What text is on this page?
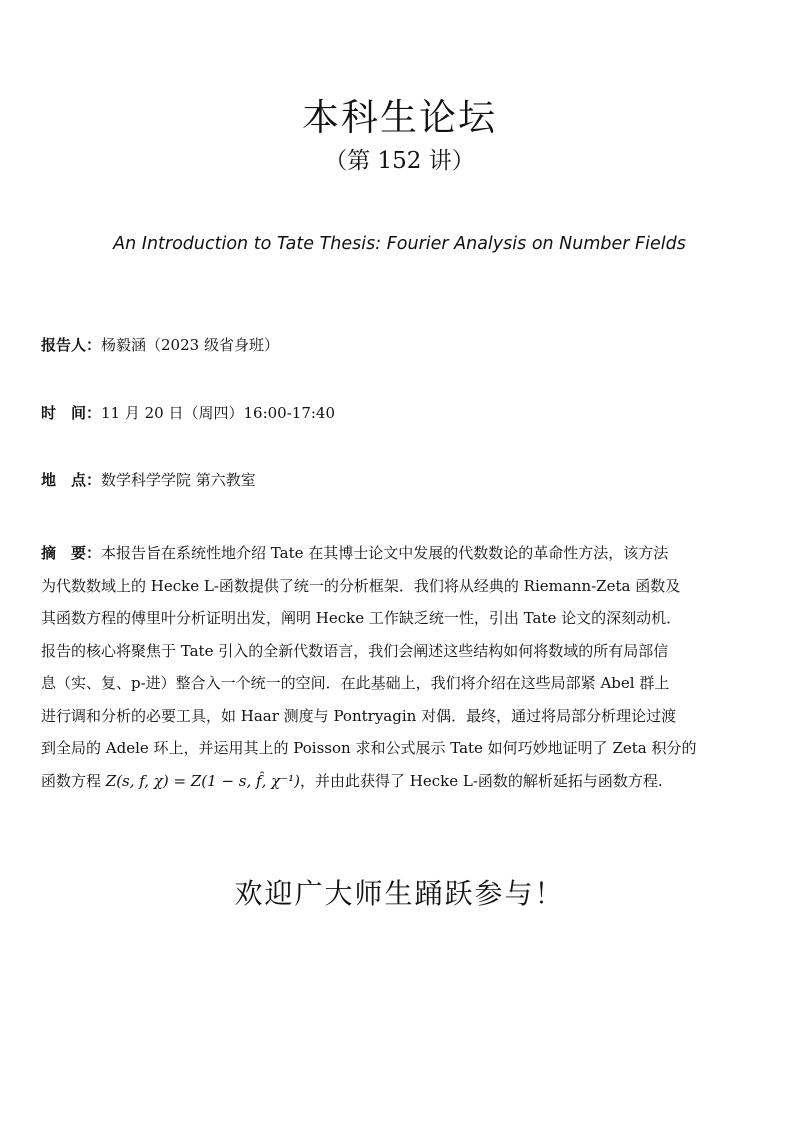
本科生论坛
（第 152 讲）
An Introduction to Tate Thesis: Fourier Analysis on Number Fields
报告人：杨毅涵（2023 级省身班）
时　间：11 月 20 日（周四）16:00-17:40
地　点：数学科学学院 第六教室
摘　要：本报告旨在系统性地介绍 Tate 在其博士论文中发展的代数数论的革命性方法，该方法
为代数数域上的 Hecke L-函数提供了统一的分析框架．我们将从经典的 Riemann-Zeta 函数及
其函数方程的傅里叶分析证明出发，阐明 Hecke 工作缺乏统一性，引出 Tate 论文的深刻动机．
报告的核心将聚焦于 Tate 引入的全新代数语言，我们会阐述这些结构如何将数域的所有局部信
息（实、复、p-进）整合入一个统一的空间．在此基础上，我们将介绍在这些局部紧 Abel 群上
进行调和分析的必要工具，如 Haar 测度与 Pontryagin 对偶．最终，通过将局部分析理论过渡
到全局的 Adele 环上，并运用其上的 Poisson 求和公式展示 Tate 如何巧妙地证明了 Zeta 积分的
函数方程 Z(s, f, χ) = Z(1 − s, f̂, χ⁻¹)，并由此获得了 Hecke L-函数的解析延拓与函数方程.
欢迎广大师生踊跃参与！
